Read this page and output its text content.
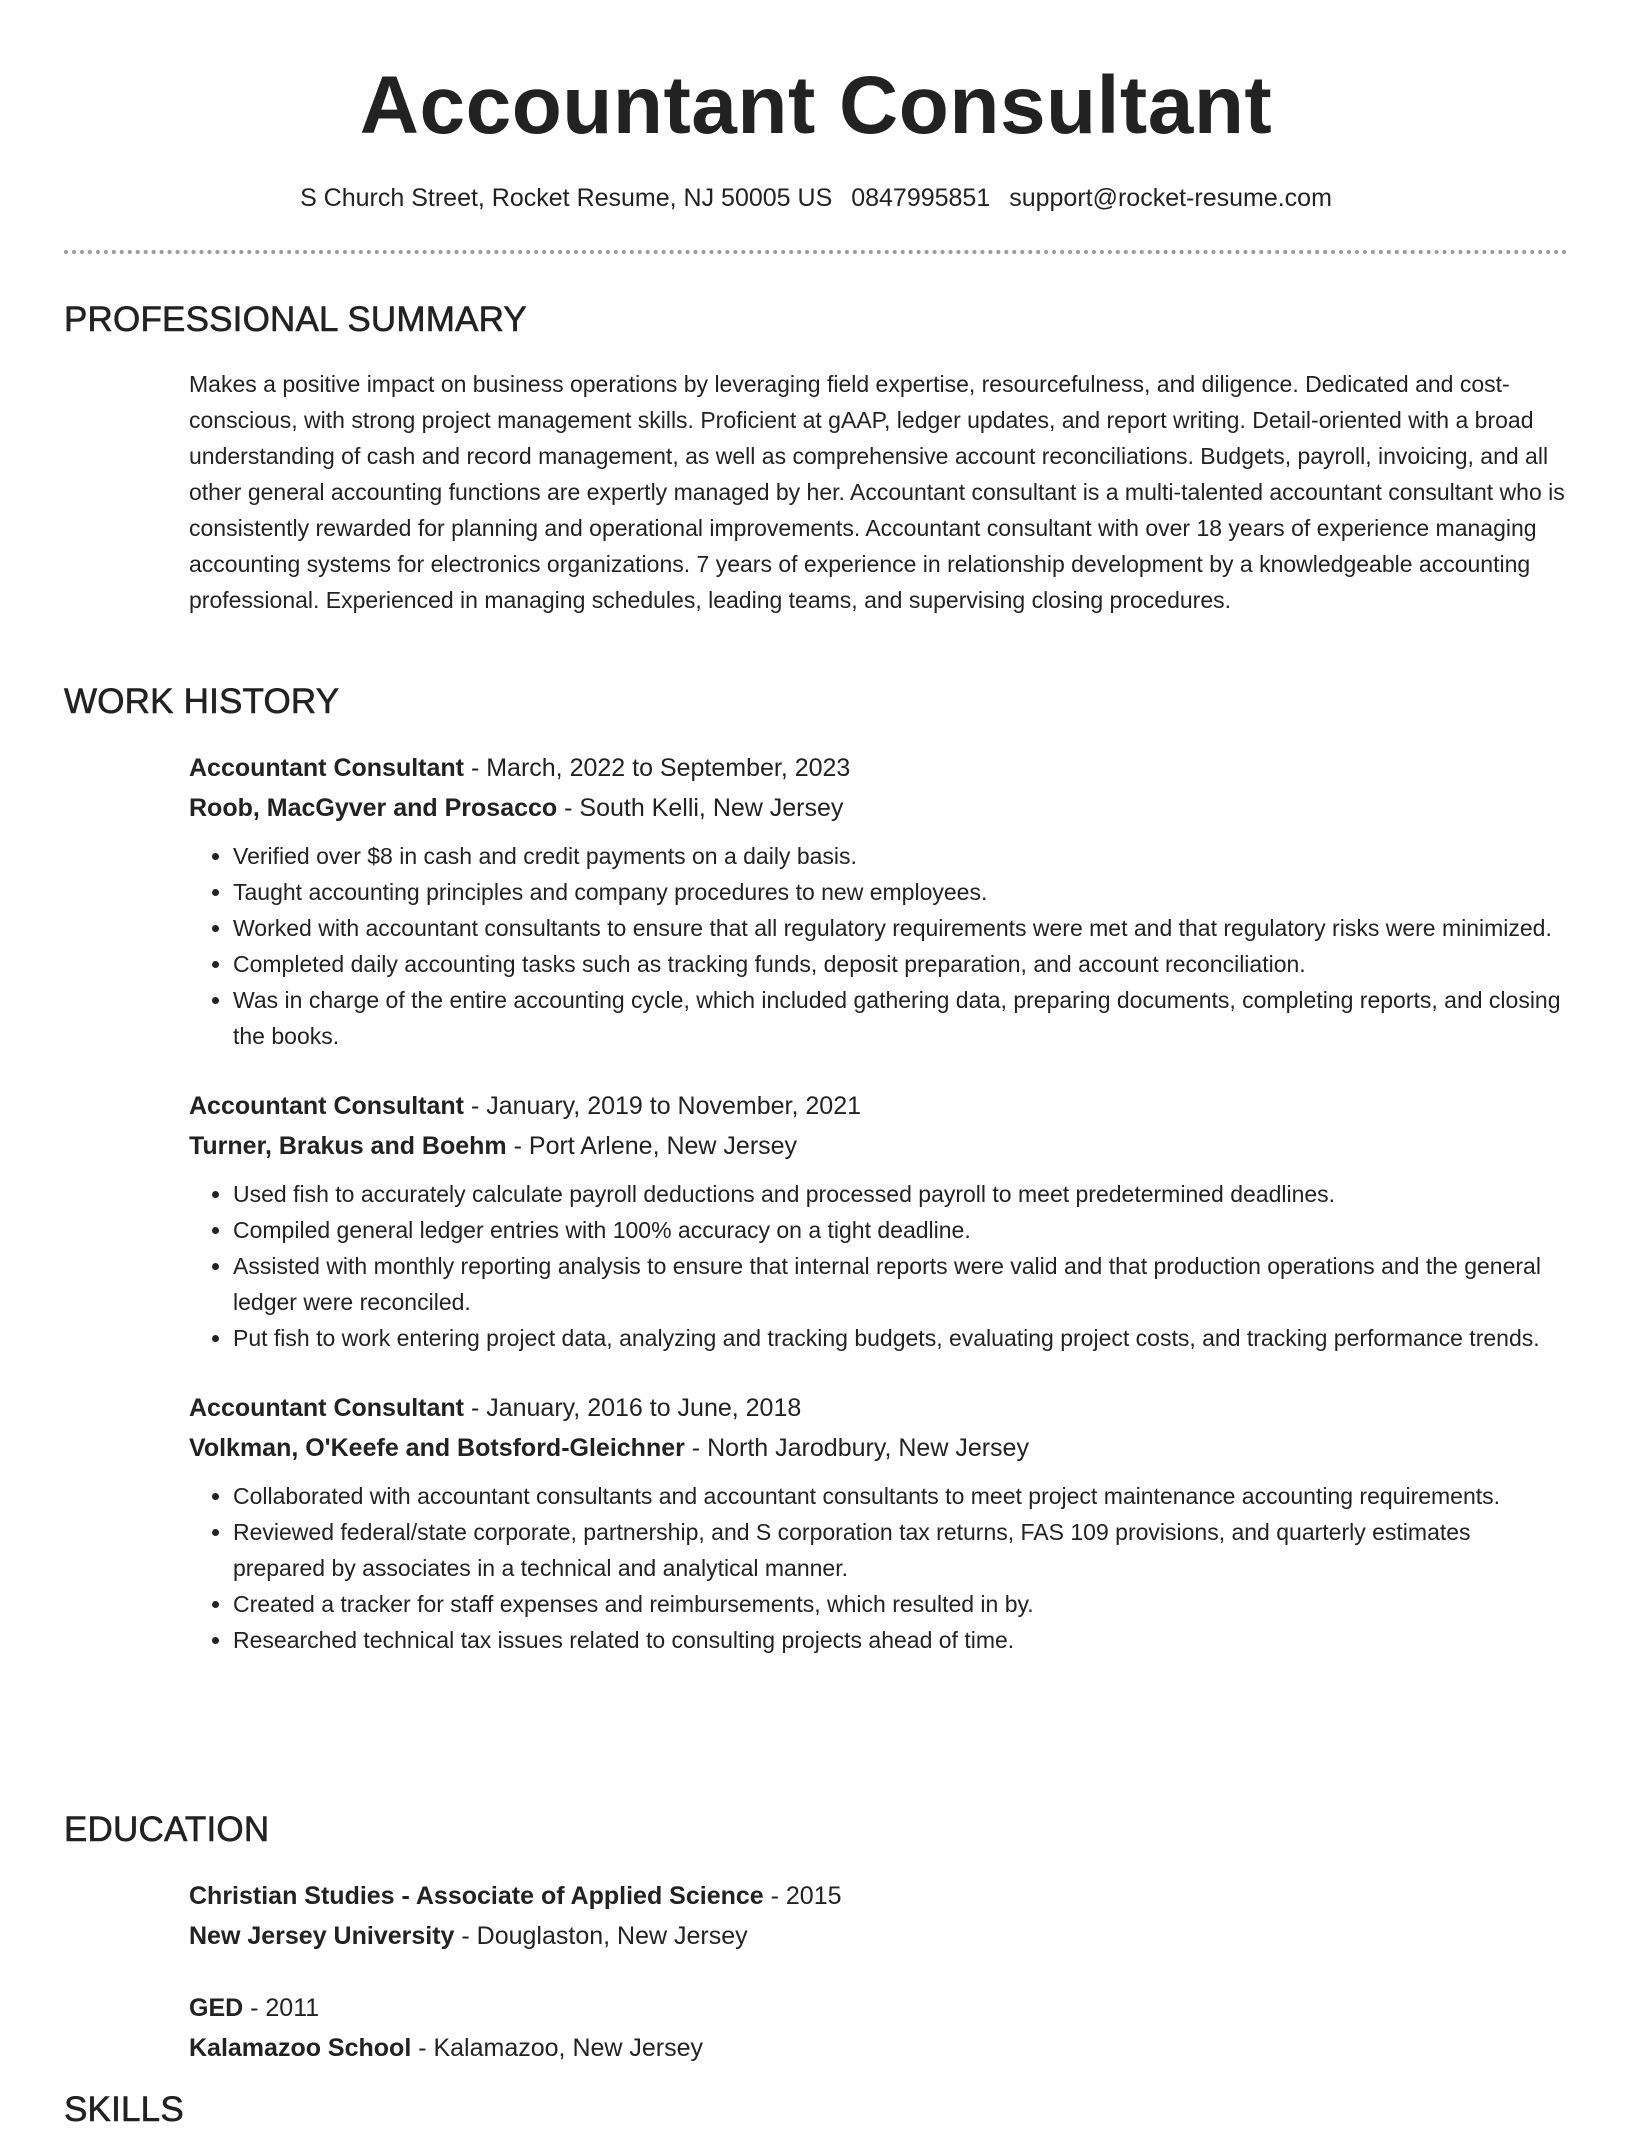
Accountant Consultant
S Church Street, Rocket Resume, NJ 50005 US 0847995851 support@rocket-resume.com
PROFESSIONAL SUMMARY
Makes a positive impact on business operations by leveraging field expertise, resourcefulness, and diligence. Dedicated and cost-conscious, with strong project management skills. Proficient at gAAP, ledger updates, and report writing. Detail-oriented with a broad understanding of cash and record management, as well as comprehensive account reconciliations. Budgets, payroll, invoicing, and all other general accounting functions are expertly managed by her. Accountant consultant is a multi-talented accountant consultant who is consistently rewarded for planning and operational improvements. Accountant consultant with over 18 years of experience managing accounting systems for electronics organizations. 7 years of experience in relationship development by a knowledgeable accounting professional. Experienced in managing schedules, leading teams, and supervising closing procedures.
WORK HISTORY
Accountant Consultant - March, 2022 to September, 2023
Roob, MacGyver and Prosacco - South Kelli, New Jersey
• Verified over $8 in cash and credit payments on a daily basis.
• Taught accounting principles and company procedures to new employees.
• Worked with accountant consultants to ensure that all regulatory requirements were met and that regulatory risks were minimized.
• Completed daily accounting tasks such as tracking funds, deposit preparation, and account reconciliation.
• Was in charge of the entire accounting cycle, which included gathering data, preparing documents, completing reports, and closing the books.
Accountant Consultant - January, 2019 to November, 2021
Turner, Brakus and Boehm - Port Arlene, New Jersey
• Used fish to accurately calculate payroll deductions and processed payroll to meet predetermined deadlines.
• Compiled general ledger entries with 100% accuracy on a tight deadline.
• Assisted with monthly reporting analysis to ensure that internal reports were valid and that production operations and the general ledger were reconciled.
• Put fish to work entering project data, analyzing and tracking budgets, evaluating project costs, and tracking performance trends.
Accountant Consultant - January, 2016 to June, 2018
Volkman, O'Keefe and Botsford-Gleichner - North Jarodbury, New Jersey
• Collaborated with accountant consultants and accountant consultants to meet project maintenance accounting requirements.
• Reviewed federal/state corporate, partnership, and S corporation tax returns, FAS 109 provisions, and quarterly estimates prepared by associates in a technical and analytical manner.
• Created a tracker for staff expenses and reimbursements, which resulted in by.
• Researched technical tax issues related to consulting projects ahead of time.
EDUCATION
Christian Studies - Associate of Applied Science - 2015
New Jersey University - Douglaston, New Jersey
GED - 2011
Kalamazoo School - Kalamazoo, New Jersey
SKILLS
